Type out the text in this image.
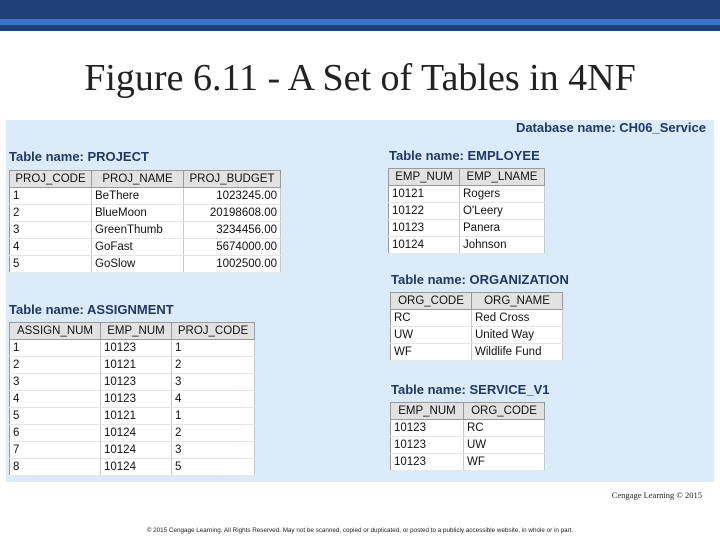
Figure 6.11 - A Set of Tables in 4NF
Database name: CH06_Service
Table name: PROJECT
PROJ_CODE	PROJ_NAME	PROJ_BUDGET
1	BeThere	1023245.00
2	BlueMoon	20198608.00
3	GreenThumb	3234456.00
4	GoFast	5674000.00
5	GoSlow	1002500.00
Table name: EMPLOYEE
EMP_NUM	EMP_LNAME
10121	Rogers
10122	O'Leery
10123	Panera
10124	Johnson
Table name: ORGANIZATION
ORG_CODE	ORG_NAME
RC	Red Cross
UW	United Way
WF	Wildlife Fund
Table name: ASSIGNMENT
ASSIGN_NUM	EMP_NUM	PROJ_CODE
1	10123	1
2	10121	2
3	10123	3
4	10123	4
5	10121	1
6	10124	2
7	10124	3
8	10124	5
Table name: SERVICE_V1
EMP_NUM	ORG_CODE
10123	RC
10123	UW
10123	WF
Cengage Learning © 2015
© 2015 Cengage Learning. All Rights Reserved. May not be scanned, copied or duplicated, or posted to a publicly accessible website, in whole or in part.
